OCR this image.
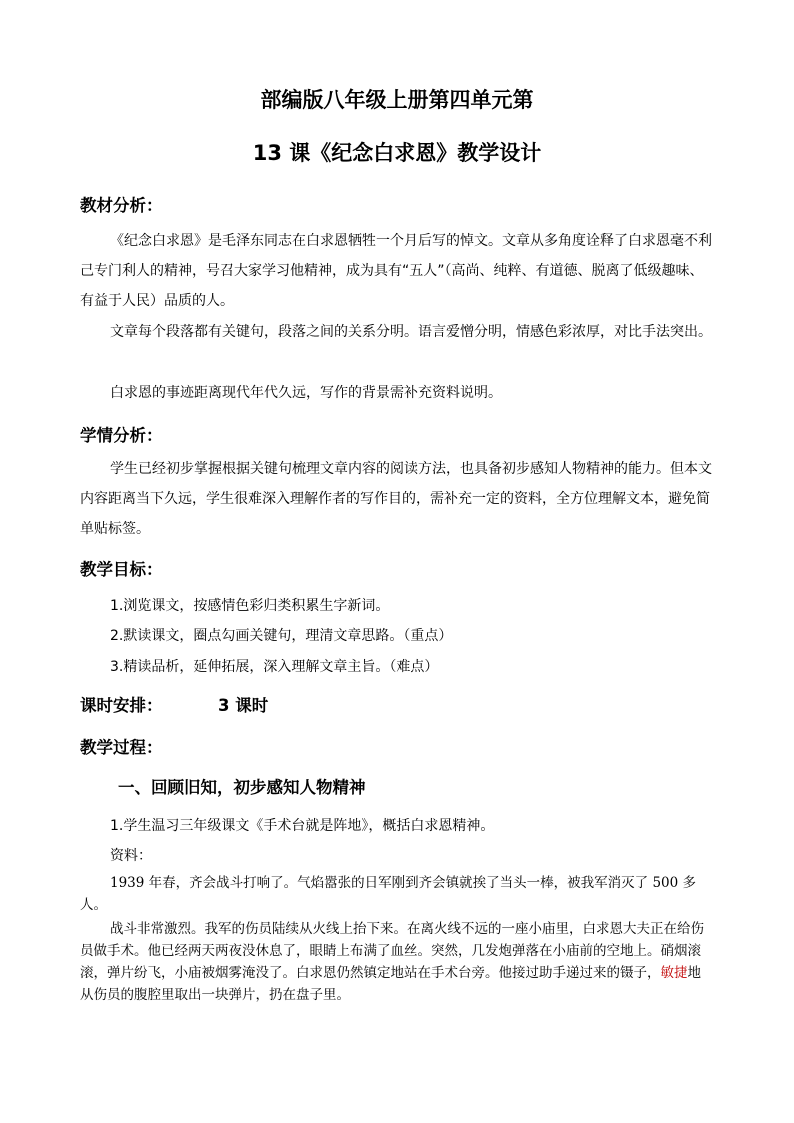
部编版八年级上册第四单元第
13 课《纪念白求恩》教学设计
教材分析：
《纪念白求恩》是毛泽东同志在白求恩牺牲一个月后写的悼文。文章从多角度诠释了白求恩毫不利己专门利人的精神，号召大家学习他精神，成为具有“五人”（高尚、纯粹、有道德、脱离了低级趣味、有益于人民）品质的人。
文章每个段落都有关键句，段落之间的关系分明。语言爱憎分明，情感色彩浓厚，对比手法突出。
白求恩的事迹距离现代年代久远，写作的背景需补充资料说明。
学情分析：
学生已经初步掌握根据关键句梳理文章内容的阅读方法，也具备初步感知人物精神的能力。但本文内容距离当下久远，学生很难深入理解作者的写作目的，需补充一定的资料，全方位理解文本，避免简单贴标签。
教学目标：
1.浏览课文，按感情色彩归类积累生字新词。
2.默读课文，圈点勾画关键句，理清文章思路。（重点）
3.精读品析，延伸拓展，深入理解文章主旨。（难点）
课时安排：	3 课时
教学过程：
一、回顾旧知，初步感知人物精神
1.学生温习三年级课文《手术台就是阵地》，概括白求恩精神。
资料：
1939 年春，齐会战斗打响了。气焰嚣张的日军刚到齐会镇就挨了当头一棒，被我军消灭了 500 多人。
战斗非常激烈。我军的伤员陆续从火线上抬下来。在离火线不远的一座小庙里，白求恩大夫正在给伤员做手术。他已经两天两夜没休息了，眼睛上布满了血丝。突然，几发炮弹落在小庙前的空地上。硝烟滚滚，弹片纷飞，小庙被烟雾淹没了。白求恩仍然镇定地站在手术台旁。他接过助手递过来的镊子，敏捷地从伤员的腹腔里取出一块弹片，扔在盘子里。
